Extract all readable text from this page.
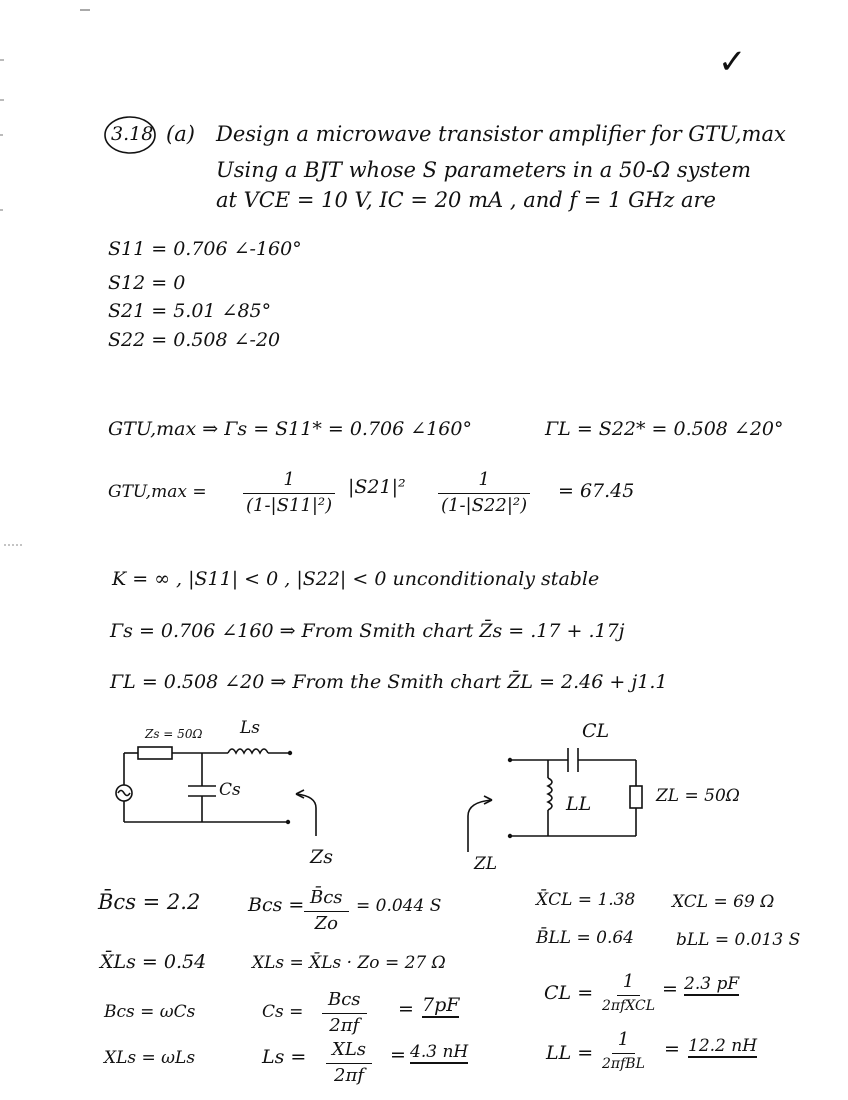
✓
3.18 (a) Design a microwave transistor amplifier for GTU,max
Using a BJT whose S parameters in a 50-Ω system
at VCE = 10 V, IC = 20 mA , and f = 1 GHz are
S11 = 0.706 ∠-160°
S12 = 0
S21 = 5.01 ∠85°
S22 = 0.508 ∠-20
GTU,max ⇒ Γs = S11* = 0.706 ∠160°	ΓL = S22* = 0.508 ∠20°
$GTU,\max = \frac{1}{\text{(1-|S11|²)}} |S21|^2 \frac{1}{\text{(1-|S22|²)}} = 67.45$
K = ∞ , |S11| < 0 , |S22| < 0 unconditionaly stable
Γs = 0.706 ∠160 ⇒ From Smith chart Z̄s = .17 + .17j
ΓL = 0.508 ∠20 ⇒ From the Smith chart Z̄L = 2.46 + j1.1
Zs = 50Ω Ls
Cs
Zs
CL
LL	ZL = 50Ω
ZL
B̄cs = 2.2	Bcs = $\frac{B̄cs}{Zo} = 0.044$ S
X̄Ls = 0.54	XLs = X̄Ls · Zo = 27 Ω
Bcs = ωCs	Cs =
Bcs
2πf
= 7pF
XLs = ωLs	Ls =	XLs
2πf
= 4.3 nH
X̄CL = 1.38 XCL = 69 Ω
B̄LL = 0.64 bLL = 0.013 S
CL =
1
2πfXCL
= 2.3 pF
LL =
1
2πfBL
= 12.2 nH
